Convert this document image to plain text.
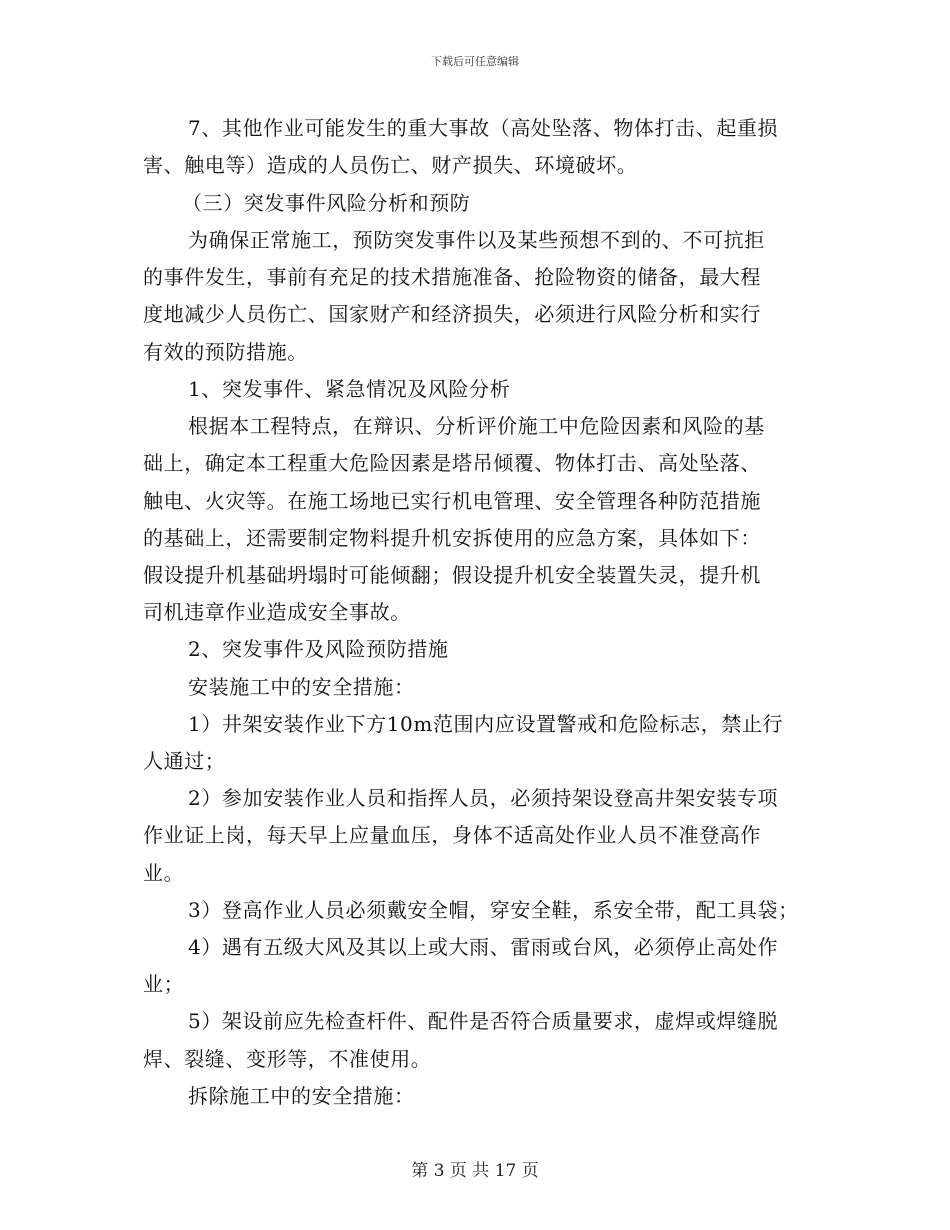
下载后可任意编辑
7、其他作业可能发生的重大事故（高处坠落、物体打击、起重损
害、触电等）造成的人员伤亡、财产损失、环境破坏。
（三）突发事件风险分析和预防
为确保正常施工，预防突发事件以及某些预想不到的、不可抗拒
的事件发生，事前有充足的技术措施准备、抢险物资的储备，最大程
度地减少人员伤亡、国家财产和经济损失，必须进行风险分析和实行
有效的预防措施。
1、突发事件、紧急情况及风险分析
根据本工程特点，在辩识、分析评价施工中危险因素和风险的基
础上，确定本工程重大危险因素是塔吊倾覆、物体打击、高处坠落、
触电、火灾等。在施工场地已实行机电管理、安全管理各种防范措施
的基础上，还需要制定物料提升机安拆使用的应急方案，具体如下：
假设提升机基础坍塌时可能倾翻；假设提升机安全装置失灵，提升机
司机违章作业造成安全事故。
2、突发事件及风险预防措施
安装施工中的安全措施：
1）井架安装作业下方10m范围内应设置警戒和危险标志，禁止行
人通过；
2）参加安装作业人员和指挥人员，必须持架设登高井架安装专项
作业证上岗，每天早上应量血压，身体不适高处作业人员不准登高作
业。
3）登高作业人员必须戴安全帽，穿安全鞋，系安全带，配工具袋；
4）遇有五级大风及其以上或大雨、雷雨或台风，必须停止高处作
业；
5）架设前应先检查杆件、配件是否符合质量要求，虚焊或焊缝脱
焊、裂缝、变形等，不准使用。
拆除施工中的安全措施：
第 3 页 共 17 页
